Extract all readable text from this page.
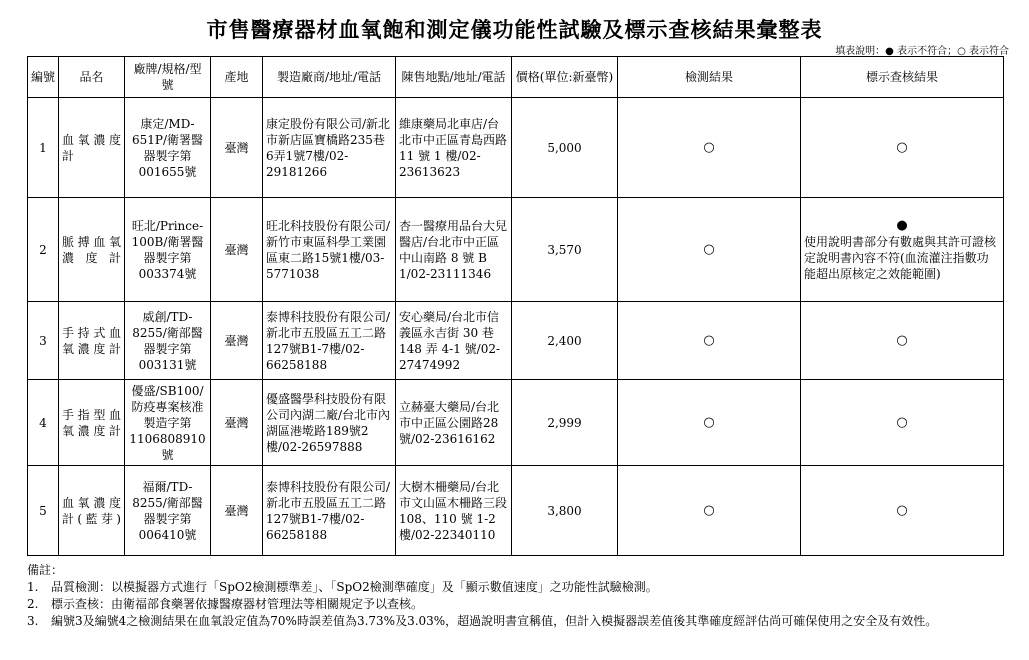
市售醫療器材血氧飽和測定儀功能性試驗及標示查核結果彙整表
填表說明：● 表示不符合；○ 表示符合
編號	品名	廠牌/規格/型號	產地	製造廠商/地址/電話	陳售地點/地址/電話	價格(單位:新臺幣)	檢測結果	標示查核結果
1	血氧濃度計	康定/MD-651P/衛署醫器製字第001655號	臺灣	康定股份有限公司/新北市新店區寶橋路235巷6弄1號7樓/02-29181266	維康藥局北車店/台北市中正區青島西路 11 號 1 樓/02-23613623	5,000	○	○
2	脈搏血氧濃度計	旺北/Prince-100B/衛署醫器製字第 003374號	臺灣	旺北科技股份有限公司/新竹市東區科學工業園區東二路15號1樓/03-5771038	杏一醫療用品台大兒醫店/台北市中正區中山南路 8 號 B 1/02-23111346	3,570	○	●
使用說明書部分有數處與其許可證核定說明書內容不符(血流灌注指數功能超出原核定之效能範圍)
3	手持式血氧濃度計	威創/TD-8255/衛部醫器製字第003131號	臺灣	泰博科技股份有限公司/新北市五股區五工二路127號B1-7樓/02-66258188	安心藥局/台北市信義區永吉街 30 巷 148 弄 4-1 號/02-27474992	2,400	○	○
4	手指型血氧濃度計	優盛/SB100/防疫專案核准製造字第1106808910號	臺灣	優盛醫學科技股份有限公司內湖二廠/台北市內湖區港墘路189號2樓/02-26597888	立赫臺大藥局/台北市中正區公園路28號/02-23616162	2,999	○	○
5	血氧濃度計(藍芽)	福爾/TD-8255/衛部醫器製字第006410號	臺灣	泰博科技股份有限公司/新北市五股區五工二路127號B1-7樓/02-66258188	大樹木柵藥局/台北市文山區木柵路三段 108、110 號 1-2 樓/02-22340110	3,800	○	○
備註：
1.	品質檢測：以模擬器方式進行「SpO2檢測標準差」、「SpO2檢測準確度」及「顯示數值速度」之功能性試驗檢測。
2.	標示查核：由衛福部食藥署依據醫療器材管理法等相關規定予以查核。
3.	編號3及編號4之檢測結果在血氧設定值為70%時誤差值為3.73%及3.03%，超過說明書宣稱值，但計入模擬器誤差值後其準確度經評估尚可確保使用之安全及有效性。
